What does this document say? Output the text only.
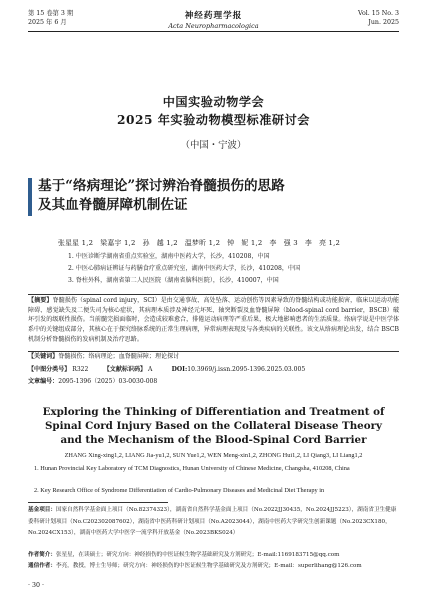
第 15 卷第 3 期
2025 年 6 月
神经药理学报
Acta Neuropharmacologica
Vol. 15 No. 3
Jun. 2025
中国实验动物学会
2025 年实验动物模型标准研讨会
（中国・宁波）
基于“络病理论”探讨辨治脊髓损伤的思路
及其血脊髓屏障机制佐证
张星星 1,2　梁嘉宇 1,2　孙　越 1,2　温梦昕 1,2　钟　妮 1,2　李　强 3　李　亮 1,2
1. 中医诊断学湖南省重点实验室，湖南中医药大学，长沙，410208，中国
2. 中医心肺病证辨证与药膳食疗重点研究室，湖南中医药大学，长沙，410208，中国
3. 脊柱外科，湖南省第二人民医院（湖南省脑科医院），长沙，410007，中国
【摘要】脊髓损伤（spinal cord injury，SCI）是由交通事故、高处坠落、运动创伤等因素导致的脊髓结构或功能损害，临床以运动功能障碍、感觉缺失及二便失司为核心症状，其病理本质涉及神经元坏死、轴突断裂及血脊髓屏障（blood-spinal cord barrier，BSCB）破坏引发的级联性损伤。当前髓完损面临时，会造成较难愈合，排倦运动病理等严重后果，极大地影响患者的生活质量。络病学说是中医学体系中的关键组成部分，其核心在于探究络脉系统的正常生理病理，异常病理表现及与各类疾病的关联性。该文从络病理论出发，结合 BSCB 机制分析脊髓损伤的发病机制及治疗思路。
【关键词】脊髓损伤；络病理论；血脊髓屏障；理论探讨
【中图分类号】 R322	【文献标识码】 A	DOI:10.3969/j.issn.2095-1396.2025.03.005
文章编号：2095-1396（2025）03-0030-008
Exploring the Thinking of Differentiation and Treatment of
Spinal Cord Injury Based on the Collateral Disease Theory
and the Mechanism of the Blood-Spinal Cord Barrier
ZHANG Xing-xing1,2, LIANG Jia-yu1,2, SUN Yue1,2, WEN Meng-xin1,2, ZHONG Hui1,2, LI Qiang3, LI Liang1,2
1. Hunan Provincial Key Laboratory of TCM Diagnostics, Hunan University of Chinese Medicine, Changsha, 410208, China
2. Key Research Office of Syndrome Differentiation of Cardio-Pulmonary Diseases and Medicinal Diet Therapy in
基金项目：国家自然科学基金面上项目（No.82374323），湖南省自然科学基金面上项目（No.2022JJ30435，No.2024JJ5223），湖南省卫生健康委科研计划项目（No.C202302087602），湖南省中医药科研计划项目（No.A2023044），湖南中医药大学研究生创新课题（No.2023CX180，No.2024CX153），湖南中医药大学中医学一流学科开放基金（No.2023BKS024）
作者简介：张星星，在读硕士；研究方向：神经损伤的中医证候生物学基础研究及方剂研究；E-mail:1169183715@qq.com
通信作者：李亮，教授，博士生导师；研究方向：神经损伤的中医证候生物学基础研究及方剂研究；E-mail：superlihang@126.com
· 30 ·
